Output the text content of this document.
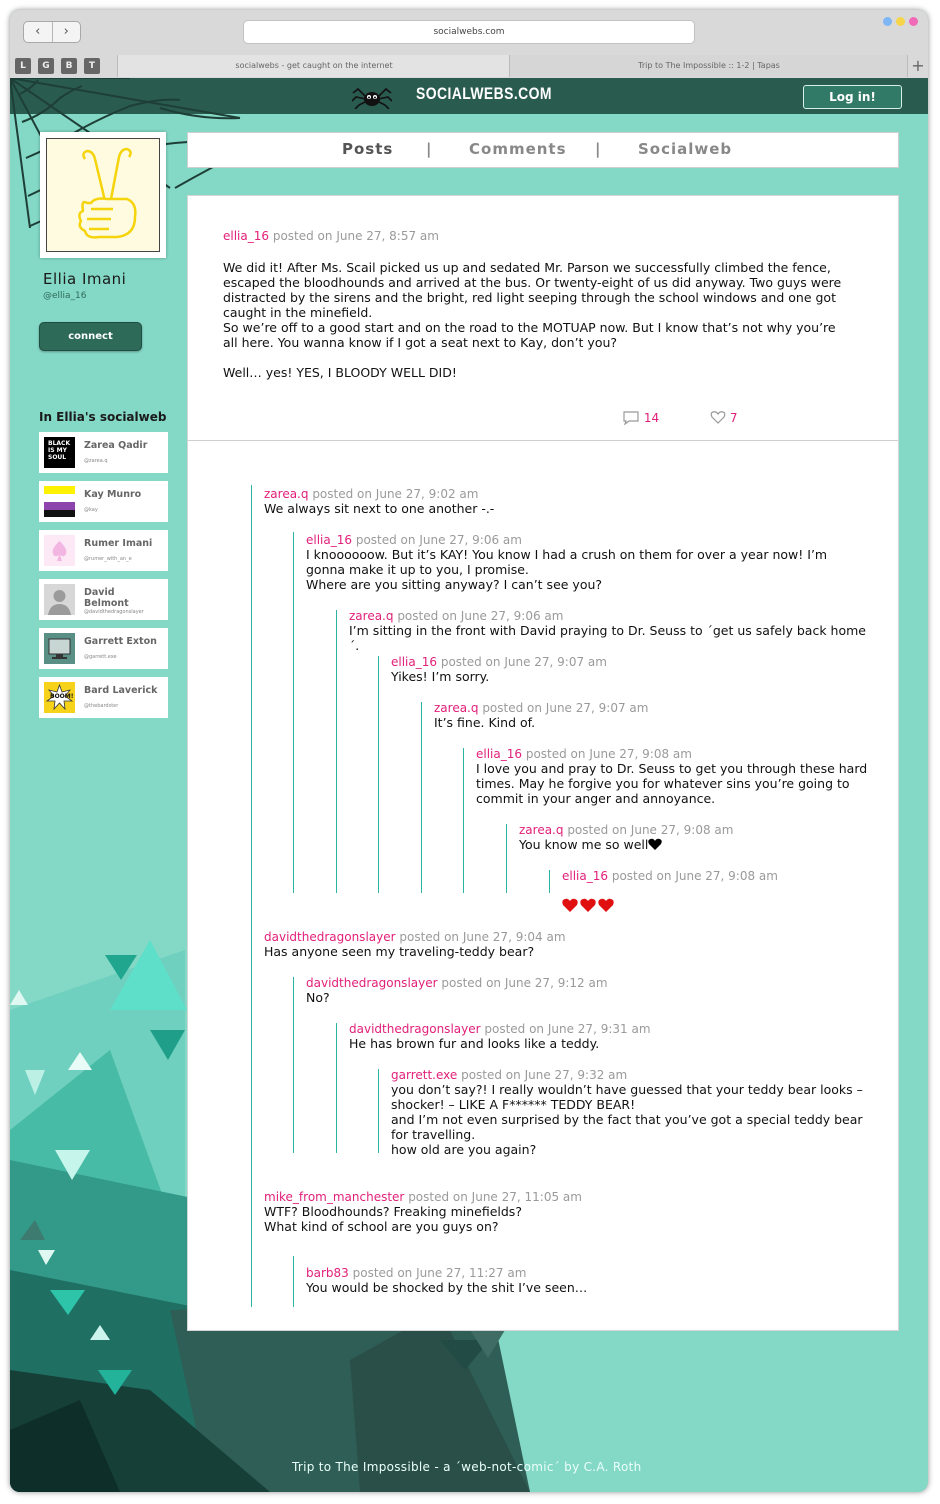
‹	›	socialwebs.com
L	G	B	T	socialwebs - get caught on the internet	Trip to The Impossible :: 1-2 | Tapas	+
SOCIALWEBS.COM	Log in!
Ellia Imani
@ellia_16
connect
In Ellia's socialweb
BLACK IS MY SOUL
Zarea Qadir
@zarea.q
Kay Munro
@kay
Rumer Imani
@rumer_with_an_e
David Belmont
@davidthedragonslayer
Garrett Exton
@garrett.exe
BOOM!
Bard Laverick
@thebardster
Posts | Comments | Socialweb
ellia_16 posted on June 27, 8:57 am
We did it! After Ms. Scail picked us up and sedated Mr. Parson we successfully climbed the fence, escaped the bloodhounds and arrived at the bus. Or twenty-eight of us did anyway. Two guys were distracted by the sirens and the bright, red light seeping through the school windows and one got caught in the minefield.
So we’re off to a good start and on the road to the MOTUAP now. But I know that’s not why you’re all here. You wanna know if I got a seat next to Kay, don’t you?

Well… yes! YES, I BLOODY WELL DID!
14	7
zarea.q posted on June 27, 9:02 am
We always sit next to one another -.-
ellia_16 posted on June 27, 9:06 am
I knoooooow. But it’s KAY! You know I had a crush on them for over a year now! I’m gonna make it up to you, I promise.
Where are you sitting anyway? I can’t see you?
zarea.q posted on June 27, 9:06 am
I’m sitting in the front with David praying to Dr. Seuss to ´get us safely back home´.
ellia_16 posted on June 27, 9:07 am
Yikes! I’m sorry.
zarea.q posted on June 27, 9:07 am
It’s fine. Kind of.
ellia_16 posted on June 27, 9:08 am
I love you and pray to Dr. Seuss to get you through these hard times. May he forgive you for whatever sins you’re going to commit in your anger and annoyance.
zarea.q posted on June 27, 9:08 am
You know me so well
ellia_16 posted on June 27, 9:08 am

davidthedragonslayer posted on June 27, 9:04 am
Has anyone seen my traveling-teddy bear?
davidthedragonslayer posted on June 27, 9:12 am
No?
davidthedragonslayer posted on June 27, 9:31 am
He has brown fur and looks like a teddy.
garrett.exe posted on June 27, 9:32 am
you don’t say?! I really wouldn’t have guessed that your teddy bear looks – shocker! – LIKE A F****** TEDDY BEAR!
and I’m not even surprised by the fact that you’ve got a special teddy bear for travelling.
how old are you again?
mike_from_manchester posted on June 27, 11:05 am
WTF? Bloodhounds? Freaking minefields?
What kind of school are you guys on?
barb83 posted on June 27, 11:27 am
You would be shocked by the shit I’ve seen…
Trip to The Impossible - a ´web-not-comic´ by C.A. Roth
